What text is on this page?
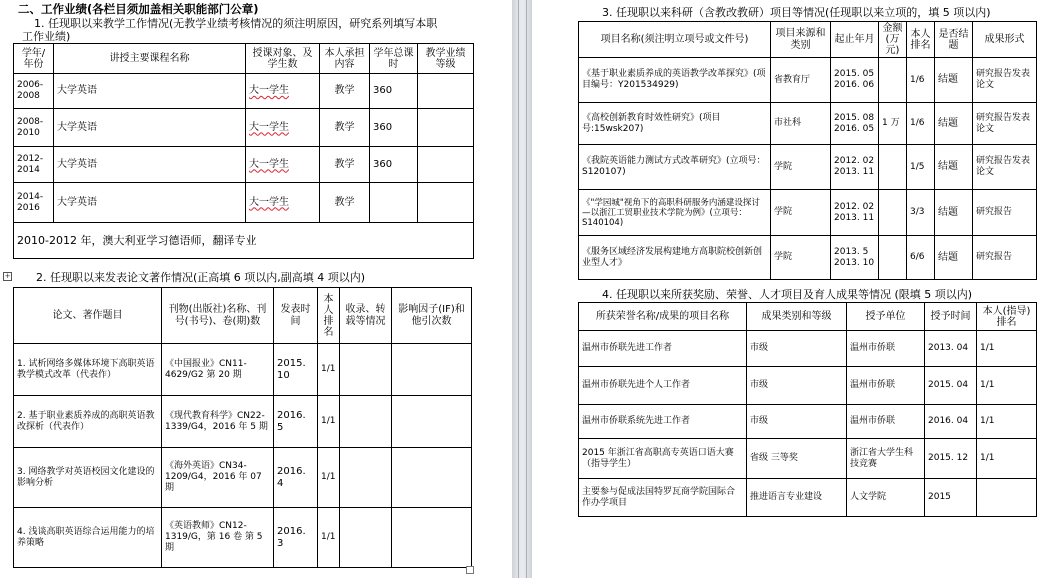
二、工作业绩(各栏目须加盖相关职能部门公章)
1. 任现职以来教学工作情况(无教学业绩考核情况的须注明原因，研究系列填写本职
工作业绩)
学年/年份	讲授主要课程名称	授课对象、及学生数	本人承担内容	学年总课时	教学业绩等级
2006-2008	大学英语	大一学生	教学	360	
2008-2010	大学英语	大一学生	教学	360	
2012-2014	大学英语	大一学生	教学	360	
2014-2016	大学英语	大一学生	教学		
2010-2012 年，澳大利亚学习德语师，翻译专业					
+ 2. 任现职以来发表论文著作情况(正高填 6 项以内,副高填 4 项以内)
论文、著作题目	刊物(出版社)名称、刊号(书号)、卷(期)数	发表时间	本人排名	收录、转载等情况	影响因子(IF)和他引次数
1. 试析网络多媒体环境下高职英语教学模式改革（代表作）	《中国报业》CN11-4629/G2 第 20 期	2015. 10	1/1		
2. 基于职业素质养成的高职英语教改探析（代表作）	《现代教育科学》CN22-1339/G4，2016 年 5 期	2016. 5	1/1		
3. 网络教学对英语校园文化建设的影响分析	《海外英语》CN34-1209/G4，2016 年 07 期	2016. 4	1/1		
4. 浅谈高职英语综合运用能力的培养策略	《英语教师》CN12-1319/G，第 16 卷 第 5 期	2016. 3	1/1		
3. 任现职以来科研（含教改教研）项目等情况(任现职以来立项的，填 5 项以内)
项目名称(须注明立项号或文件号)	项目来源和类别	起止年月	金额(万元)	本人排名	是否结题	成果形式
《基于职业素质养成的英语教学改革探究》(项目编号：Y201534929)	省教育厅	2015. 05 2016. 06		1/6	结题	研究报告发表论文
《高校创新教育时效性研究》(项目号:15wsk207)	市社科	2015. 08 2016. 05	1 万	1/6	结题	研究报告发表论文
《我院英语能力测试方式改革研究》(立项号：S120107)	学院	2012. 02 2013. 11		1/5	结题	研究报告发表论文
《"学园城"视角下的高职科研服务内涵建设探讨—以浙江工贸职业技术学院为例》(立项号：S140104)	学院	2012. 02 2013. 11		3/3	结题	研究报告
《服务区域经济发展构建地方高职院校创新创业型人才》	学院	2013. 5 2013. 10		6/6	结题	研究报告
4. 任现职以来所获奖励、荣誉、人才项目及育人成果等情况 (限填 5 项以内)
所获荣誉名称/成果的项目名称	成果类别和等级	授予单位	授予时间	本人(指导)排名
温州市侨联先进工作者	市级	温州市侨联	2013. 04	1/1
温州市侨联先进个人工作者	市级	温州市侨联	2015. 04	1/1
温州市侨联系统先进工作者	市级	温州市侨联	2016. 04	1/1
2015 年浙江省高职高专英语口语大赛（指导学生）	省级 三等奖	浙江省大学生科技竞赛	2015. 12	1/1
主要参与促成法国特罗瓦商学院国际合作办学项目	推进语言专业建设	人文学院	2015	
